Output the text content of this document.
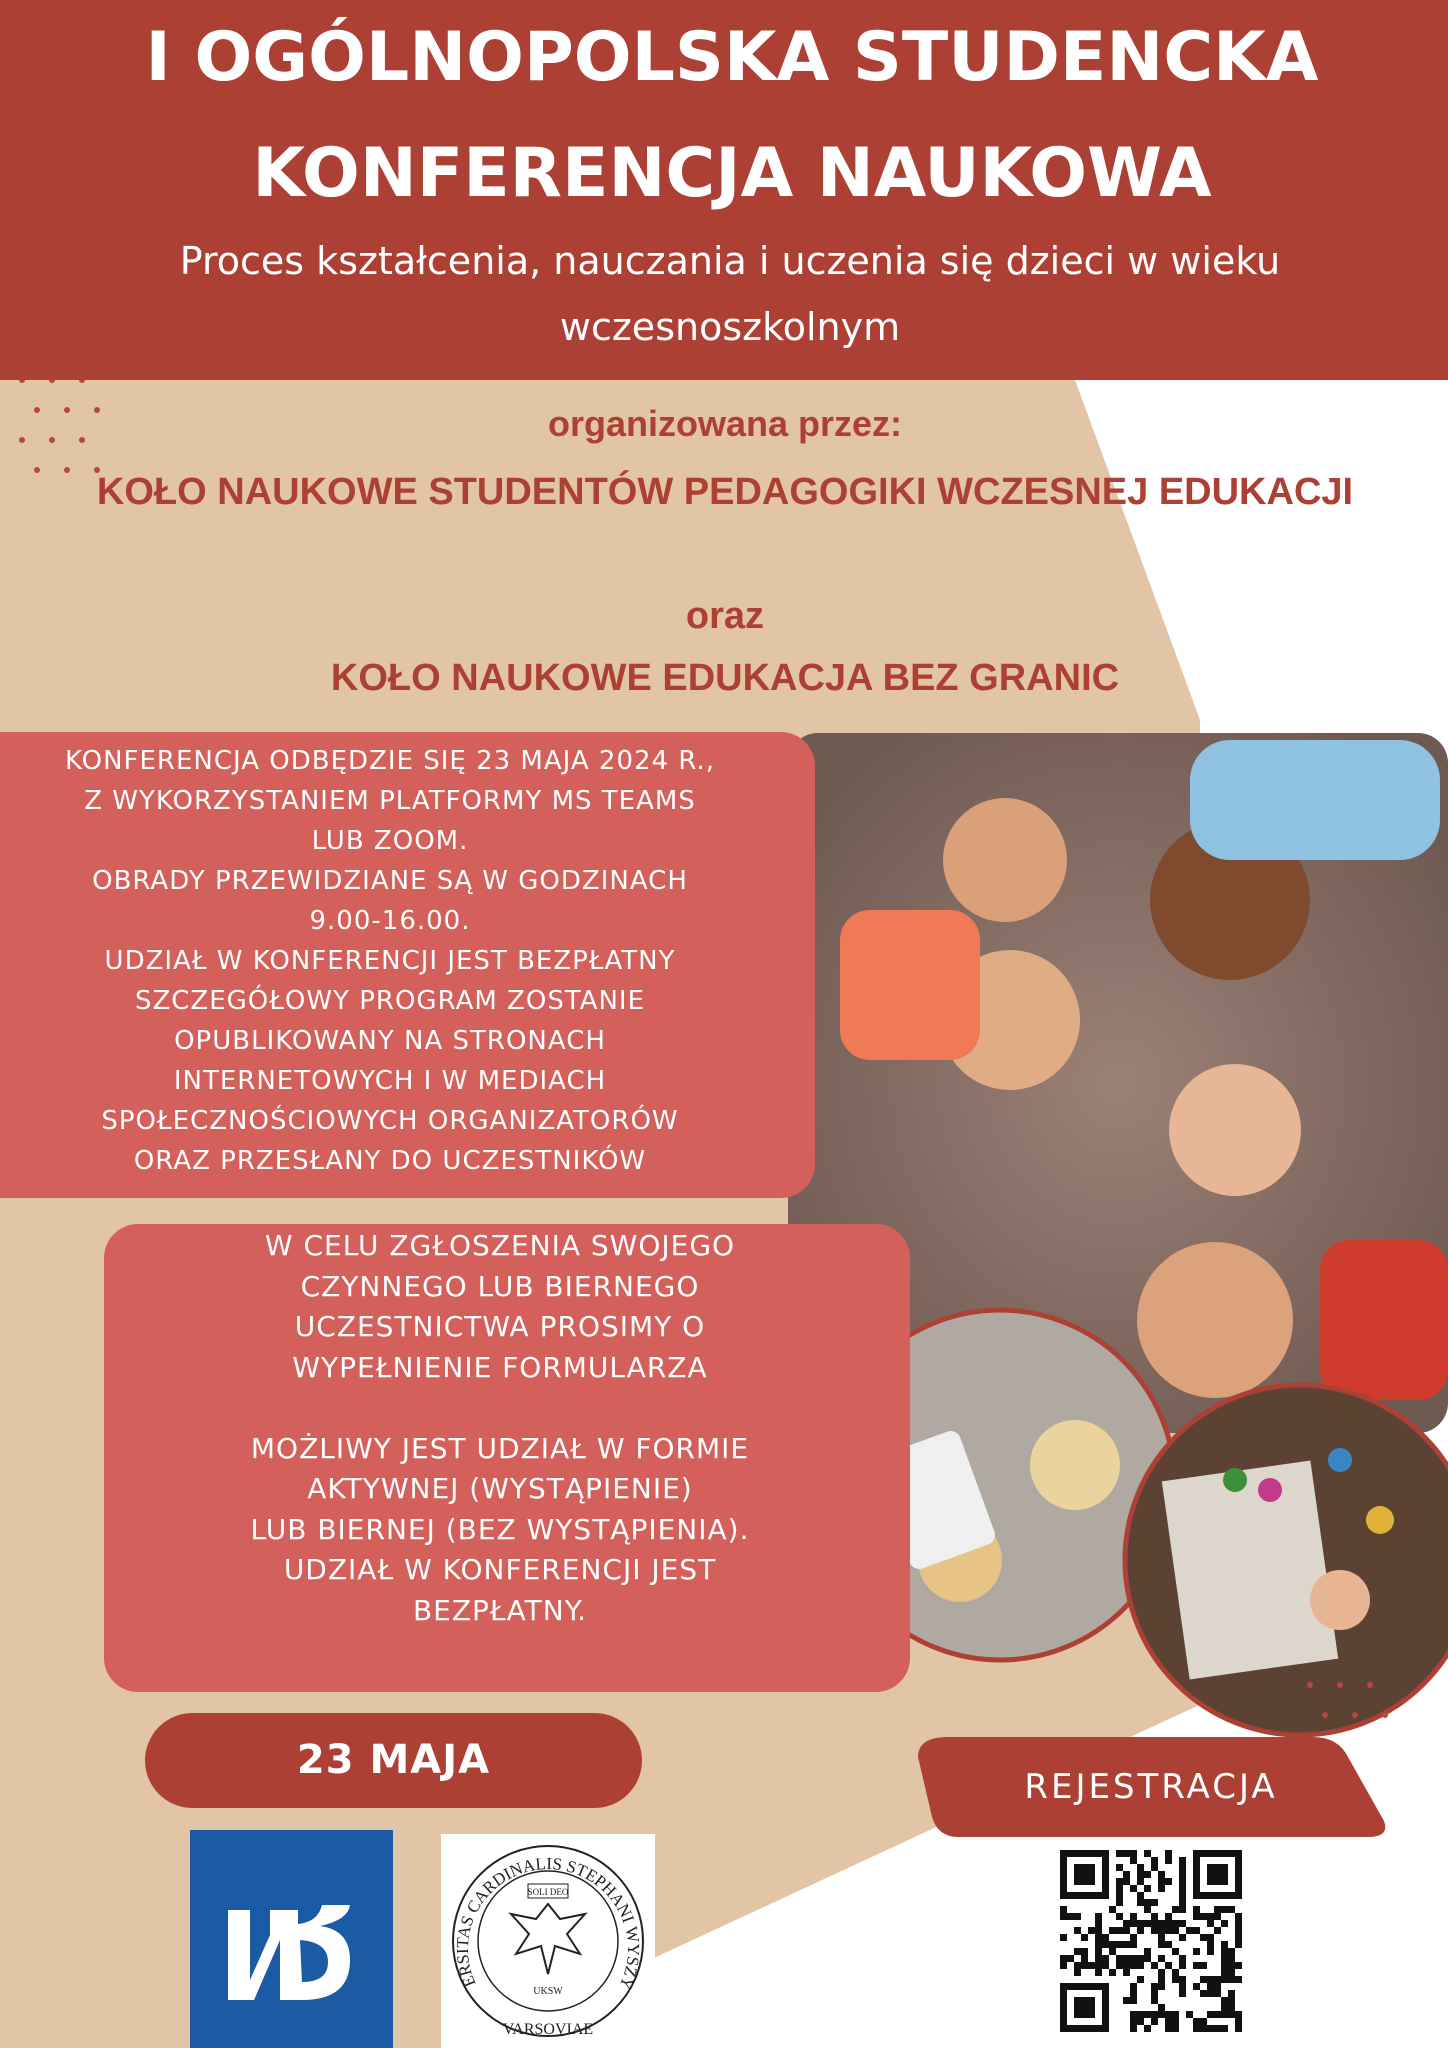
I OGÓLNOPOLSKA STUDENCKA
KONFERENCJA NAUKOWA
Proces kształcenia, nauczania i uczenia się dzieci w wieku wczesnoszkolnym
organizowana przez:
KOŁO NAUKOWE STUDENTÓW PEDAGOGIKI WCZESNEJ EDUKACJI
oraz
KOŁO NAUKOWE EDUKACJA BEZ GRANIC
KONFERENCJA ODBĘDZIE SIĘ 23 MAJA 2024 R.,
Z WYKORZYSTANIEM PLATFORMY MS TEAMS
LUB ZOOM.
OBRADY PRZEWIDZIANE SĄ W GODZINACH
9.00-16.00.
UDZIAŁ W KONFERENCJI JEST BEZPŁATNY
SZCZEGÓŁOWY PROGRAM ZOSTANIE
OPUBLIKOWANY NA STRONACH
INTERNETOWYCH I W MEDIACH
SPOŁECZNOŚCIOWYCH ORGANIZATORÓW
ORAZ PRZESŁANY DO UCZESTNIKÓW
W CELU ZGŁOSZENIA SWOJEGO
CZYNNEGO LUB BIERNEGO
UCZESTNICTWA PROSIMY O
WYPEŁNIENIE FORMULARZA

MOŻLIWY JEST UDZIAŁ W FORMIE
AKTYWNEJ (WYSTĄPIENIE)
LUB BIERNEJ (BEZ WYSTĄPIENIA).
UDZIAŁ W KONFERENCJI JEST
BEZPŁATNY.
23 MAJA
REJESTRACJA
ERSITAS CARDINALIS STEPHANI WYSZY
SOLI DEO
UKSW
VARSOVIAE
